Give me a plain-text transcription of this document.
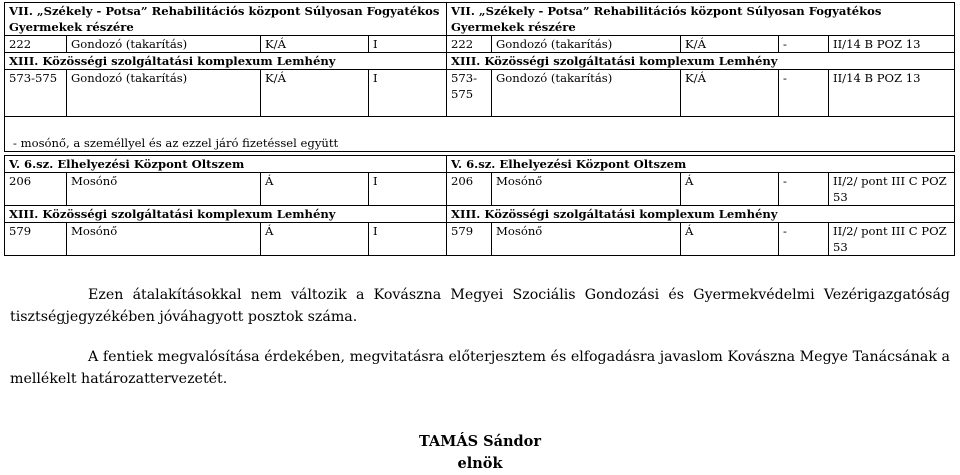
VII. „Székely - Potsa” Rehabilitációs központ Súlyosan Fogyatékos Gyermekek részére				VII. „Székely - Potsa” Rehabilitációs központ Súlyosan Fogyatékos Gyermekek részére				
222	Gondozó (takarítás)	K/Á	I	222	Gondozó (takarítás)	K/Á	-	II/14 B POZ 13
XIII. Közösségi szolgáltatási komplexum Lemhény				XIII. Közösségi szolgáltatási komplexum Lemhény				
573-575	Gondozó (takarítás)	K/Á	I	573-575	Gondozó (takarítás)	K/Á	-	II/14 B POZ 13
- mosónő, a személlyel és az ezzel járó fizetéssel együtt								
V. 6.sz. Elhelyezési Központ Oltszem				V. 6.sz. Elhelyezési Központ Oltszem				
206	Mosónő	Á	I	206	Mosónő	Á	-	II/2/ pont III C POZ 53
XIII. Közösségi szolgáltatási komplexum Lemhény				XIII. Közösségi szolgáltatási komplexum Lemhény				
579	Mosónő	Á	I	579	Mosónő	Á	-	II/2/ pont III C POZ 53
Ezen átalakításokkal nem változik a Kovászna Megyei Szociális Gondozási és Gyermekvédelmi Vezérigazgatóság tisztségjegyzékében jóváhagyott posztok száma.
A fentiek megvalósítása érdekében, megvitatásra előterjesztem és elfogadásra javaslom Kovászna Megye Tanácsának a mellékelt határozattervezetét.
TAMÁS Sándor
elnök
